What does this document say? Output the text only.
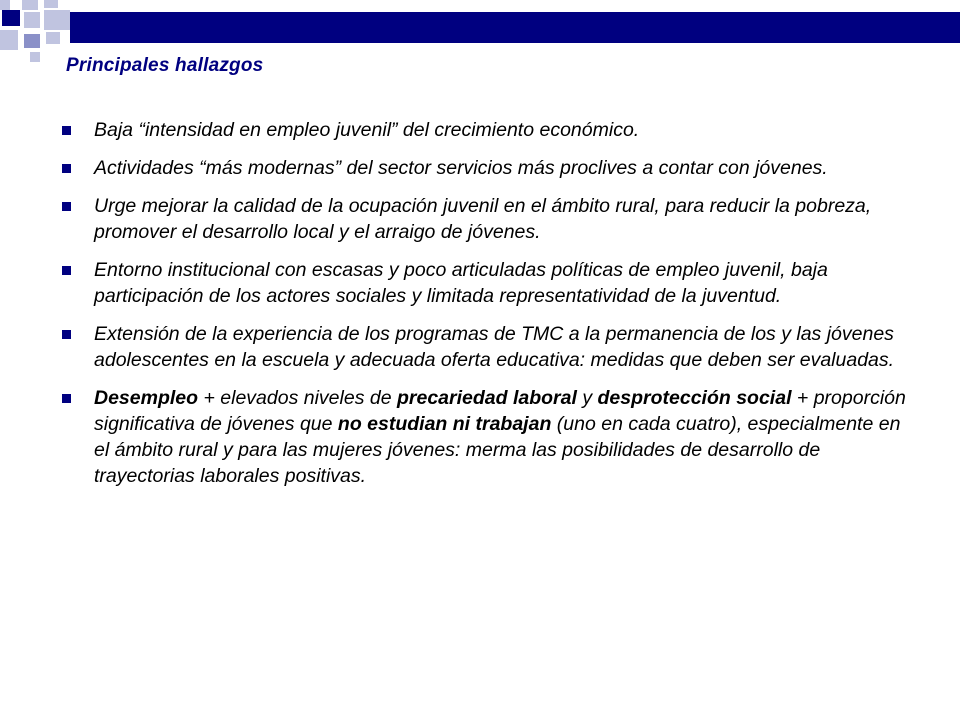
Principales hallazgos
Baja “intensidad en empleo juvenil” del crecimiento económico.
Actividades “más modernas” del sector servicios más proclives a contar con jóvenes.
Urge mejorar la calidad de la ocupación juvenil en el ámbito rural, para reducir la pobreza, promover el desarrollo local y el arraigo de jóvenes.
Entorno institucional con escasas y poco articuladas políticas de empleo juvenil, baja participación de los actores sociales y limitada representatividad de la juventud.
Extensión de la experiencia de los programas de TMC a la permanencia de los y las jóvenes adolescentes en la escuela y adecuada oferta educativa: medidas que deben ser evaluadas.
Desempleo + elevados niveles de precariedad laboral y desprotección social + proporción significativa de jóvenes que no estudian ni trabajan (uno en cada cuatro), especialmente en el ámbito rural y para las mujeres jóvenes: merma las posibilidades de desarrollo de trayectorias laborales positivas.
